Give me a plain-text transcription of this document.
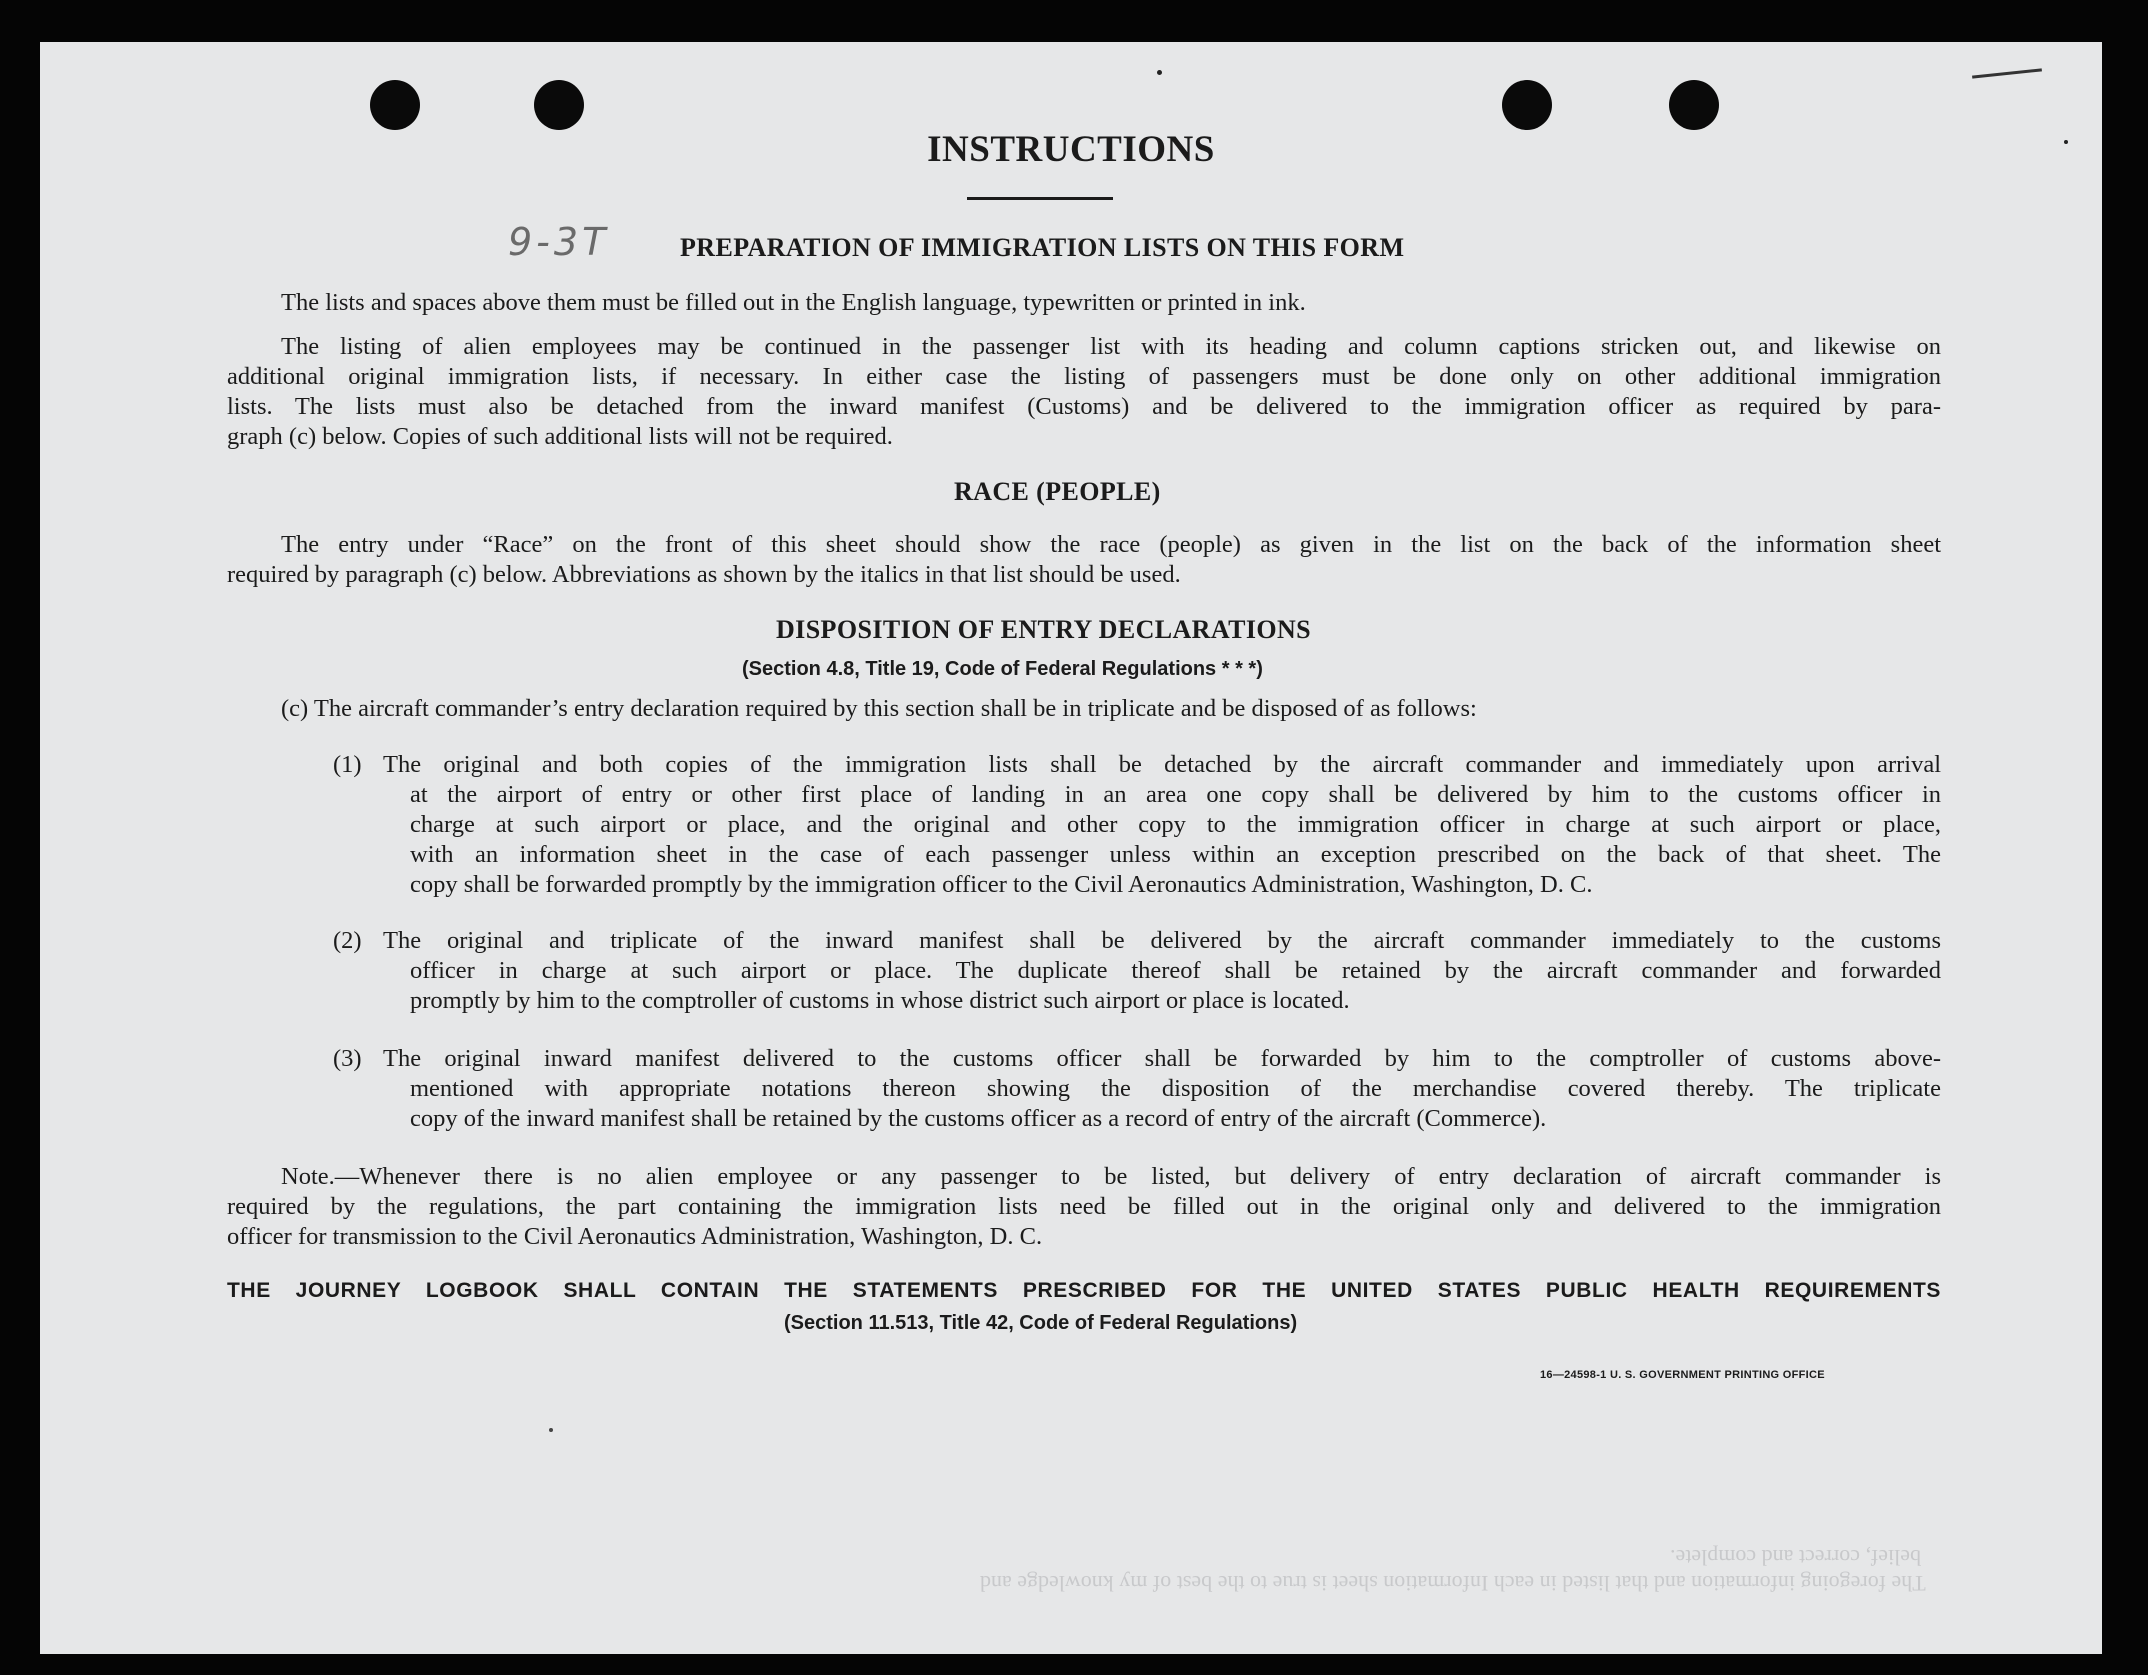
INSTRUCTIONS
9-3T	PREPARATION OF IMMIGRATION LISTS ON THIS FORM
The lists and spaces above them must be filled out in the English language, typewritten or printed in ink.
The listing of alien employees may be continued in the passenger list with its heading and column captions stricken out, and likewise on
additional original immigration lists, if necessary. In either case the listing of passengers must be done only on other additional immigration
lists. The lists must also be detached from the inward manifest (Customs) and be delivered to the immigration officer as required by para-
graph (c) below. Copies of such additional lists will not be required.
RACE (PEOPLE)
The entry under “Race” on the front of this sheet should show the race (people) as given in the list on the back of the information sheet
required by paragraph (c) below. Abbreviations as shown by the italics in that list should be used.
DISPOSITION OF ENTRY DECLARATIONS
(Section 4.8, Title 19, Code of Federal Regulations * * *)
(c) The aircraft commander’s entry declaration required by this section shall be in triplicate and be disposed of as follows:
(1) The original and both copies of the immigration lists shall be detached by the aircraft commander and immediately upon arrival
at the airport of entry or other first place of landing in an area one copy shall be delivered by him to the customs officer in
charge at such airport or place, and the original and other copy to the immigration officer in charge at such airport or place,
with an information sheet in the case of each passenger unless within an exception prescribed on the back of that sheet. The
copy shall be forwarded promptly by the immigration officer to the Civil Aeronautics Administration, Washington, D. C.
(2) The original and triplicate of the inward manifest shall be delivered by the aircraft commander immediately to the customs
officer in charge at such airport or place. The duplicate thereof shall be retained by the aircraft commander and forwarded
promptly by him to the comptroller of customs in whose district such airport or place is located.
(3) The original inward manifest delivered to the customs officer shall be forwarded by him to the comptroller of customs above-
mentioned with appropriate notations thereon showing the disposition of the merchandise covered thereby. The triplicate
copy of the inward manifest shall be retained by the customs officer as a record of entry of the aircraft (Commerce).
Note.—Whenever there is no alien employee or any passenger to be listed, but delivery of entry declaration of aircraft commander is
required by the regulations, the part containing the immigration lists need be filled out in the original only and delivered to the immigration
officer for transmission to the Civil Aeronautics Administration, Washington, D. C.
THE JOURNEY LOGBOOK SHALL CONTAIN THE STATEMENTS PRESCRIBED FOR THE UNITED STATES PUBLIC HEALTH REQUIREMENTS
(Section 11.513, Title 42, Code of Federal Regulations)
16—24598-1 U. S. GOVERNMENT PRINTING OFFICE
The foregoing information and that listed in each Information sheet is true to the best of my knowledge and
belief, correct and complete.
